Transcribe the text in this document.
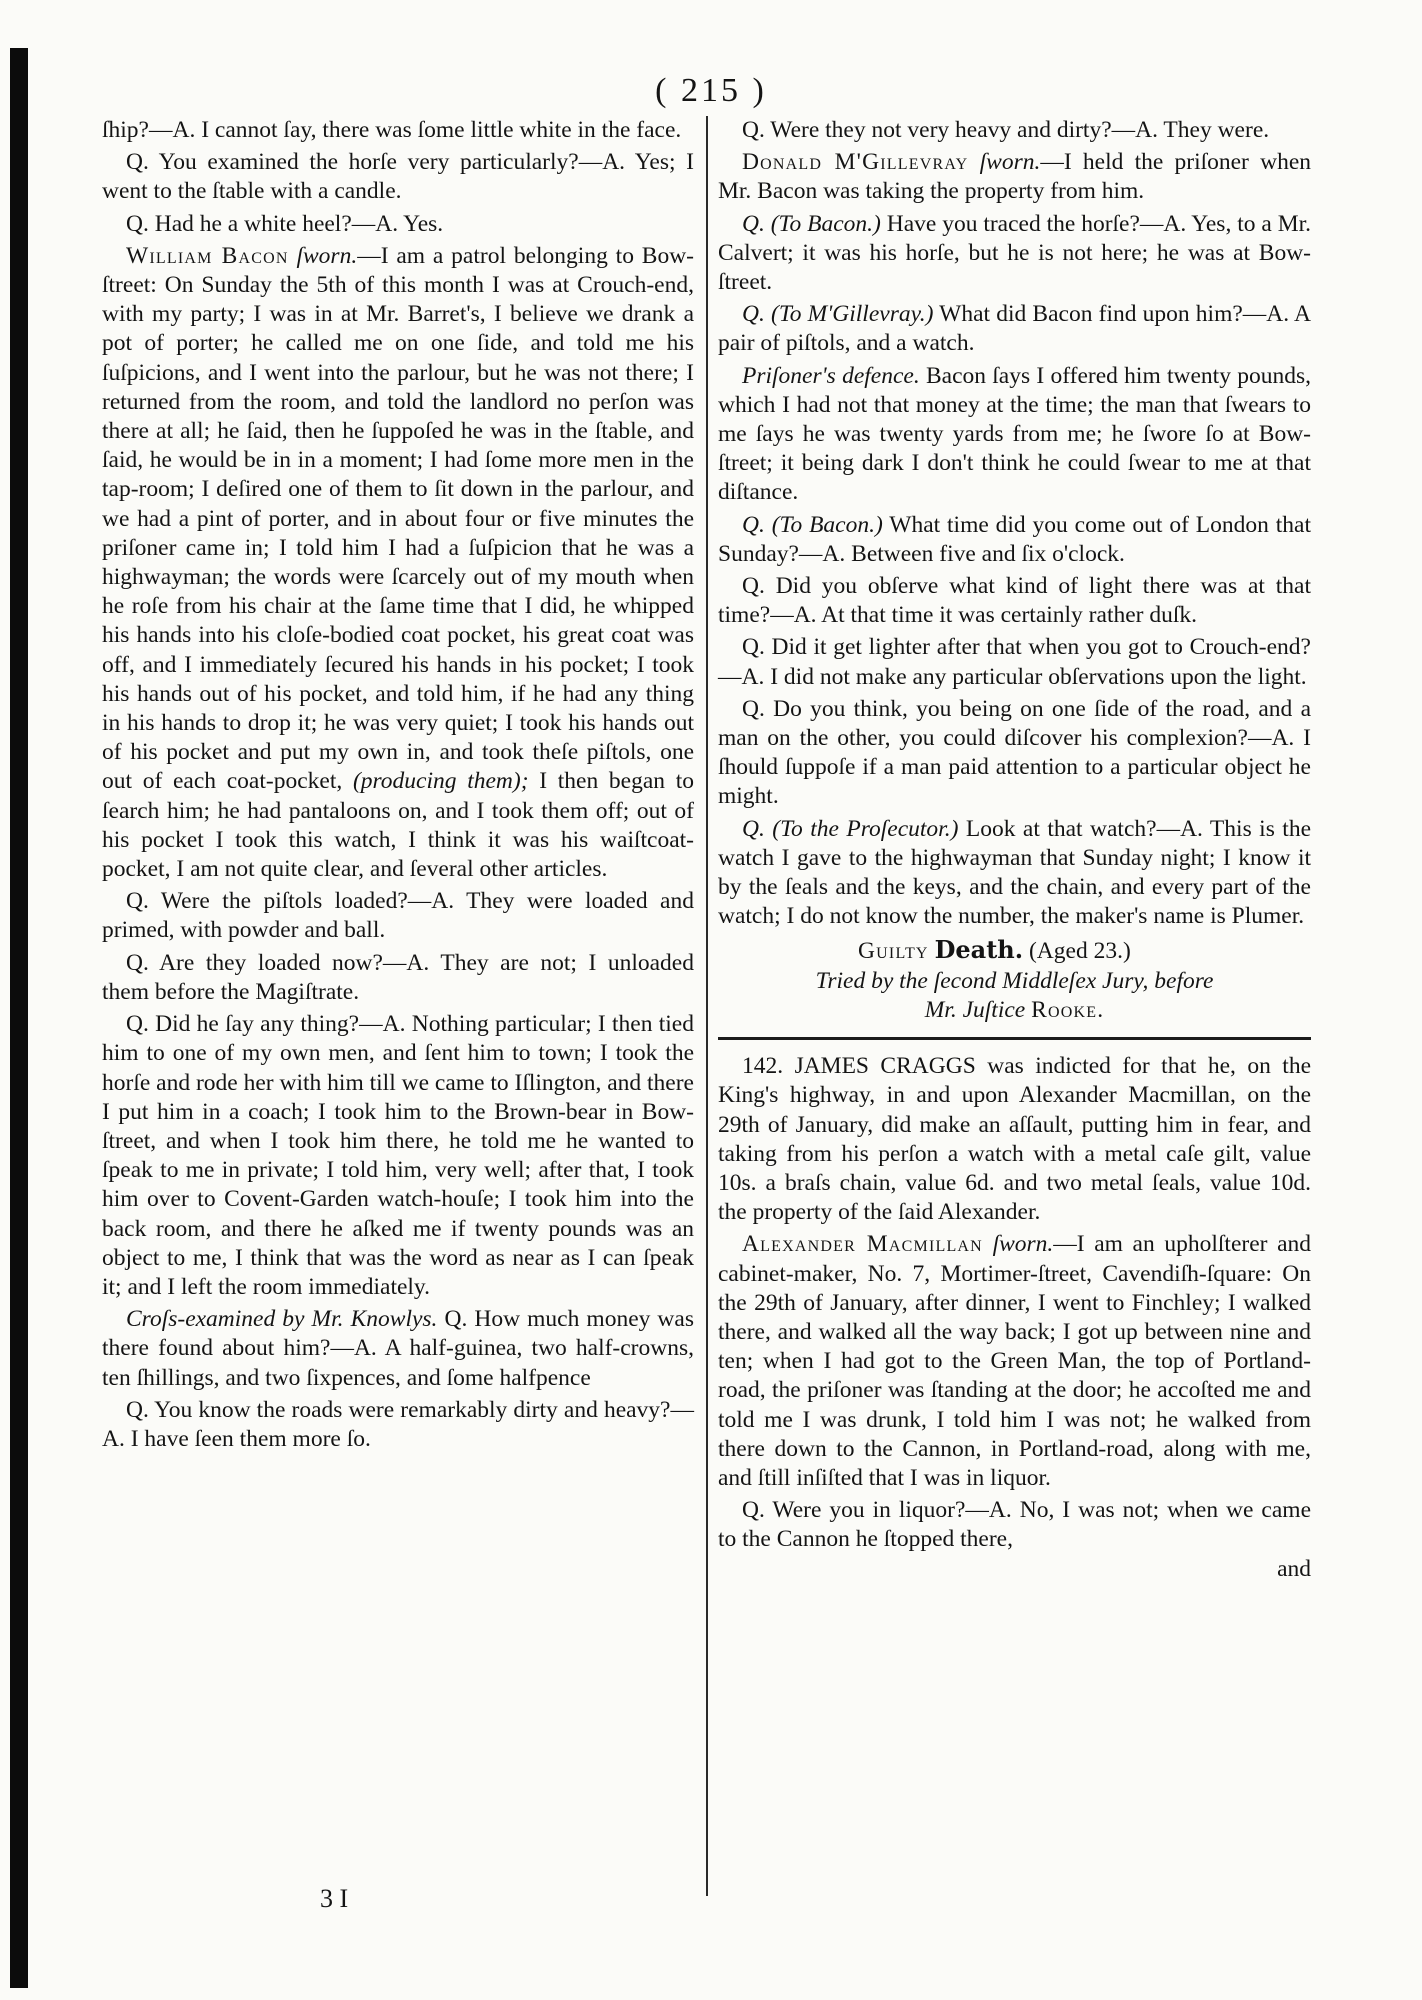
( 215 )

ſhip?—A. I cannot ſay, there was ſome little white in the face.

Q. You examined the horſe very particularly?—A. Yes; I went to the ſtable with a candle.

Q. Had he a white heel?—A. Yes.

William Bacon ſworn.—I am a patrol belonging to Bow-ſtreet: On Sunday the 5th of this month I was at Crouch-end, with my party; I was in at Mr. Barret's, I believe we drank a pot of porter; he called me on one ſide, and told me his ſuſpicions, and I went into the parlour, but he was not there; I returned from the room, and told the landlord no perſon was there at all; he ſaid, then he ſuppoſed he was in the ſtable, and ſaid, he would be in in a moment; I had ſome more men in the tap-room; I deſired one of them to ſit down in the parlour, and we had a pint of porter, and in about four or five minutes the priſoner came in; I told him I had a ſuſpicion that he was a highwayman; the words were ſcarcely out of my mouth when he roſe from his chair at the ſame time that I did, he whipped his hands into his cloſe-bodied coat pocket, his great coat was off, and I immediately ſecured his hands in his pocket; I took his hands out of his pocket, and told him, if he had any thing in his hands to drop it; he was very quiet; I took his hands out of his pocket and put my own in, and took theſe piſtols, one out of each coat-pocket, (producing them); I then began to ſearch him; he had pantaloons on, and I took them off; out of his pocket I took this watch, I think it was his waiſtcoat-pocket, I am not quite clear, and ſeveral other articles.

Q. Were the piſtols loaded?—A. They were loaded and primed, with powder and ball.

Q. Are they loaded now?—A. They are not; I unloaded them before the Magiſtrate.

Q. Did he ſay any thing?—A. Nothing particular; I then tied him to one of my own men, and ſent him to town; I took the horſe and rode her with him till we came to Iſlington, and there I put him in a coach; I took him to the Brown-bear in Bow-ſtreet, and when I took him there, he told me he wanted to ſpeak to me in private; I told him, very well; after that, I took him over to Covent-Garden watch-houſe; I took him into the back room, and there he aſked me if twenty pounds was an object to me, I think that was the word as near as I can ſpeak it; and I left the room immediately.

Croſs-examined by Mr. Knowlys. Q. How much money was there found about him?—A. A half-guinea, two half-crowns, ten ſhillings, and two ſixpences, and ſome halfpence

Q. You know the roads were remarkably dirty and heavy?—A. I have ſeen them more ſo.

Q. Were they not very heavy and dirty?—A. They were.

Donald M'Gillevray ſworn.—I held the priſoner when Mr. Bacon was taking the property from him.

Q. (To Bacon.) Have you traced the horſe?—A. Yes, to a Mr. Calvert; it was his horſe, but he is not here; he was at Bow-ſtreet.

Q. (To M'Gillevray.) What did Bacon find upon him?—A. A pair of piſtols, and a watch.

Priſoner's defence. Bacon ſays I offered him twenty pounds, which I had not that money at the time; the man that ſwears to me ſays he was twenty yards from me; he ſwore ſo at Bow-ſtreet; it being dark I don't think he could ſwear to me at that diſtance.

Q. (To Bacon.) What time did you come out of London that Sunday?—A. Between five and ſix o'clock.

Q. Did you obſerve what kind of light there was at that time?—A. At that time it was certainly rather duſk.

Q. Did it get lighter after that when you got to Crouch-end?—A. I did not make any particular obſervations upon the light.

Q. Do you think, you being on one ſide of the road, and a man on the other, you could diſcover his complexion?—A. I ſhould ſuppoſe if a man paid attention to a particular object he might.

Q. (To the Proſecutor.) Look at that watch?—A. This is the watch I gave to the highwayman that Sunday night; I know it by the ſeals and the keys, and the chain, and every part of the watch; I do not know the number, the maker's name is Plumer.

Guilty Death. (Aged 23.)
Tried by the ſecond Middleſex Jury, before
Mr. Juſtice Rooke.

142. JAMES CRAGGS was indicted for that he, on the King's highway, in and upon Alexander Macmillan, on the 29th of January, did make an aſſault, putting him in fear, and taking from his perſon a watch with a metal caſe gilt, value 10s. a braſs chain, value 6d. and two metal ſeals, value 10d. the property of the ſaid Alexander.

Alexander Macmillan ſworn.—I am an upholſterer and cabinet-maker, No. 7, Mortimer-ſtreet, Cavendiſh-ſquare: On the 29th of January, after dinner, I went to Finchley; I walked there, and walked all the way back; I got up between nine and ten; when I had got to the Green Man, the top of Portland-road, the priſoner was ſtanding at the door; he accoſted me and told me I was drunk, I told him I was not; he walked from there down to the Cannon, in Portland-road, along with me, and ſtill inſiſted that I was in liquor.

Q. Were you in liquor?—A. No, I was not; when we came to the Cannon he ſtopped there,

and

3 I
